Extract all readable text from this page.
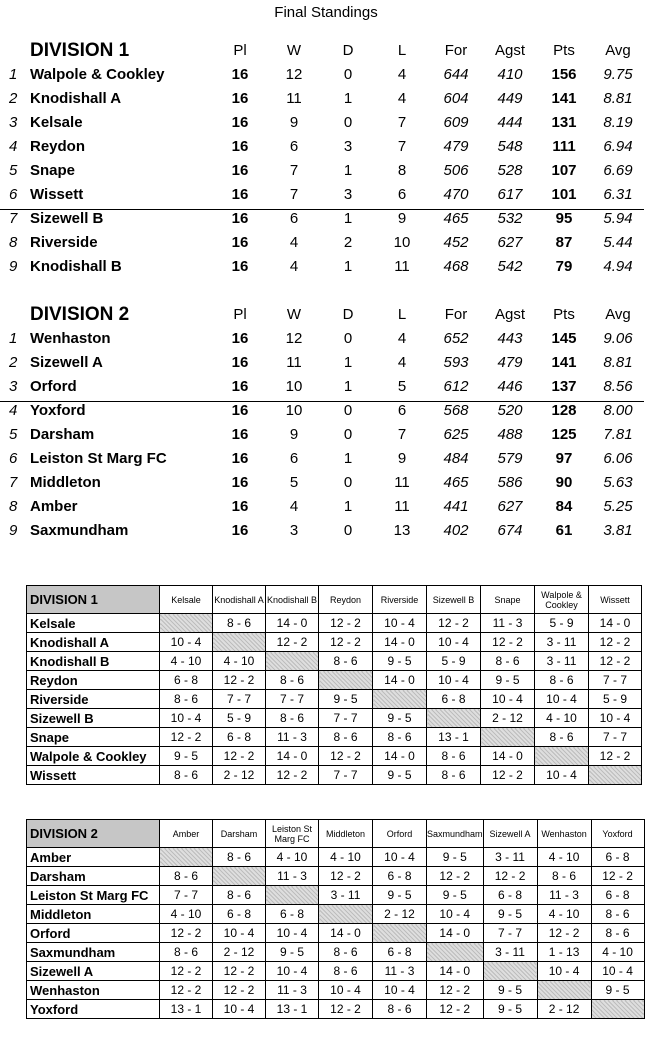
Final Standings
DIVISION 1	Pl	W	D	L	For	Agst	Pts	Avg
1 Walpole & Cookley	16	12	0	4	644	410	156	9.75
2 Knodishall A	16	11	1	4	604	449	141	8.81
3 Kelsale	16	9	0	7	609	444	131	8.19
4 Reydon	16	6	3	7	479	548	111	6.94
5 Snape	16	7	1	8	506	528	107	6.69
6 Wissett	16	7	3	6	470	617	101	6.31
7 Sizewell B	16	6	1	9	465	532	95	5.94
8 Riverside	16	4	2	10	452	627	87	5.44
9 Knodishall B	16	4	1	11	468	542	79	4.94
DIVISION 2	Pl	W	D	L	For	Agst	Pts	Avg
1 Wenhaston	16	12	0	4	652	443	145	9.06
2 Sizewell A	16	11	1	4	593	479	141	8.81
3 Orford	16	10	1	5	612	446	137	8.56
4 Yoxford	16	10	0	6	568	520	128	8.00
5 Darsham	16	9	0	7	625	488	125	7.81
6 Leiston St Marg FC	16	6	1	9	484	579	97	6.06
7 Middleton	16	5	0	11	465	586	90	5.63
8 Amber	16	4	1	11	441	627	84	5.25
9 Saxmundham	16	3	0	13	402	674	61	3.81
DIVISION 1	Kelsale	Knodishall A	Knodishall B	Reydon	Riverside	Sizewell B	Snape	Walpole & Cookley	Wissett
Kelsale		8 - 6	14 - 0	12 - 2	10 - 4	12 - 2	11 - 3	5 - 9	14 - 0
Knodishall A	10 - 4		12 - 2	12 - 2	14 - 0	10 - 4	12 - 2	3 - 11	12 - 2
Knodishall B	4 - 10	4 - 10		8 - 6	9 - 5	5 - 9	8 - 6	3 - 11	12 - 2
Reydon	6 - 8	12 - 2	8 - 6		14 - 0	10 - 4	9 - 5	8 - 6	7 - 7
Riverside	8 - 6	7 - 7	7 - 7	9 - 5		6 - 8	10 - 4	10 - 4	5 - 9
Sizewell B	10 - 4	5 - 9	8 - 6	7 - 7	9 - 5		2 - 12	4 - 10	10 - 4
Snape	12 - 2	6 - 8	11 - 3	8 - 6	8 - 6	13 - 1		8 - 6	7 - 7
Walpole & Cookley	9 - 5	12 - 2	14 - 0	12 - 2	14 - 0	8 - 6	14 - 0		12 - 2
Wissett	8 - 6	2 - 12	12 - 2	7 - 7	9 - 5	8 - 6	12 - 2	10 - 4	
DIVISION 2	Amber	Darsham	Leiston St Marg FC	Middleton	Orford	Saxmundham	Sizewell A	Wenhaston	Yoxford
Amber		8 - 6	4 - 10	4 - 10	10 - 4	9 - 5	3 - 11	4 - 10	6 - 8
Darsham	8 - 6		11 - 3	12 - 2	6 - 8	12 - 2	12 - 2	8 - 6	12 - 2
Leiston St Marg FC	7 - 7	8 - 6		3 - 11	9 - 5	9 - 5	6 - 8	11 - 3	6 - 8
Middleton	4 - 10	6 - 8	6 - 8		2 - 12	10 - 4	9 - 5	4 - 10	8 - 6
Orford	12 - 2	10 - 4	10 - 4	14 - 0		14 - 0	7 - 7	12 - 2	8 - 6
Saxmundham	8 - 6	2 - 12	9 - 5	8 - 6	6 - 8		3 - 11	1 - 13	4 - 10
Sizewell A	12 - 2	12 - 2	10 - 4	8 - 6	11 - 3	14 - 0		10 - 4	10 - 4
Wenhaston	12 - 2	12 - 2	11 - 3	10 - 4	10 - 4	12 - 2	9 - 5		9 - 5
Yoxford	13 - 1	10 - 4	13 - 1	12 - 2	8 - 6	12 - 2	9 - 5	2 - 12	
